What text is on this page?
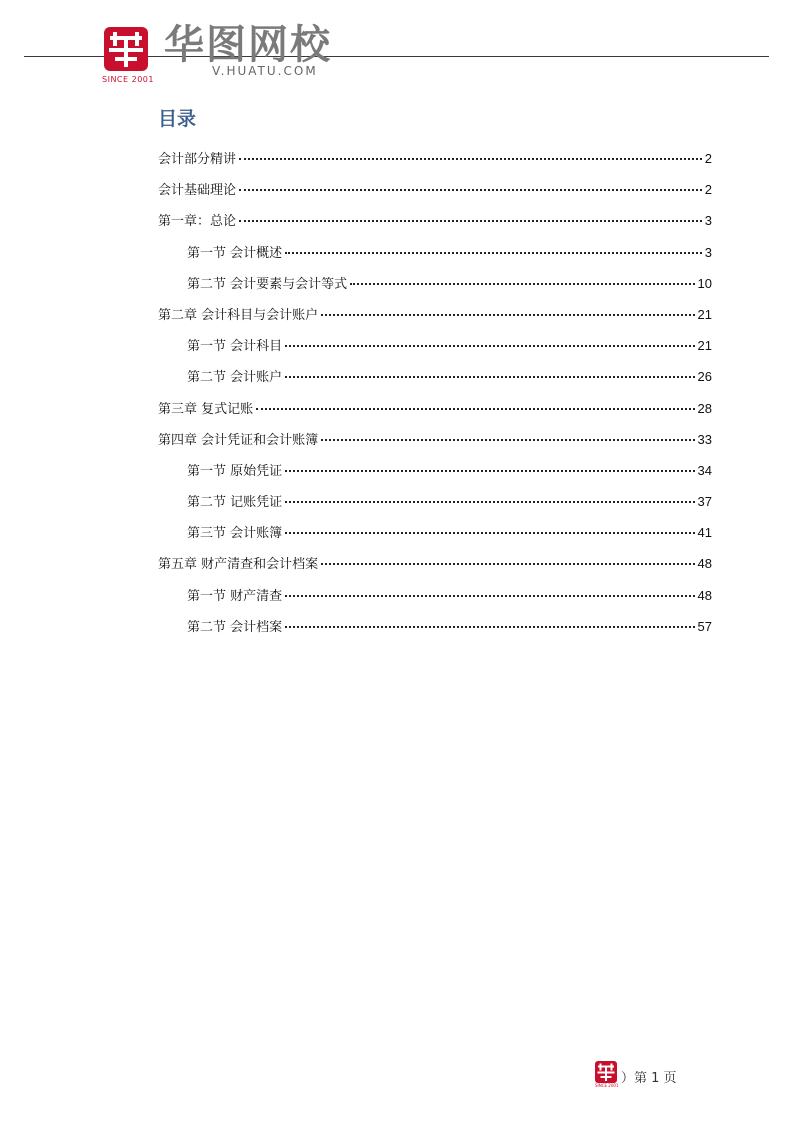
SINCE 2001
华图网校
V.HUATU.COM
目录
会计部分精讲	2
会计基础理论	2
第一章：总论	3
第一节 会计概述	3
第二节 会计要素与会计等式	10
第二章 会计科目与会计账户	21
第一节 会计科目	21
第二节 会计账户	26
第三章 复式记账	28
第四章 会计凭证和会计账簿	33
第一节 原始凭证	34
第二节 记账凭证	37
第三节 会计账簿	41
第五章 财产清查和会计档案	48
第一节 财产清查	48
第二节 会计档案	57
SINCE 2001 ）第 1 页
